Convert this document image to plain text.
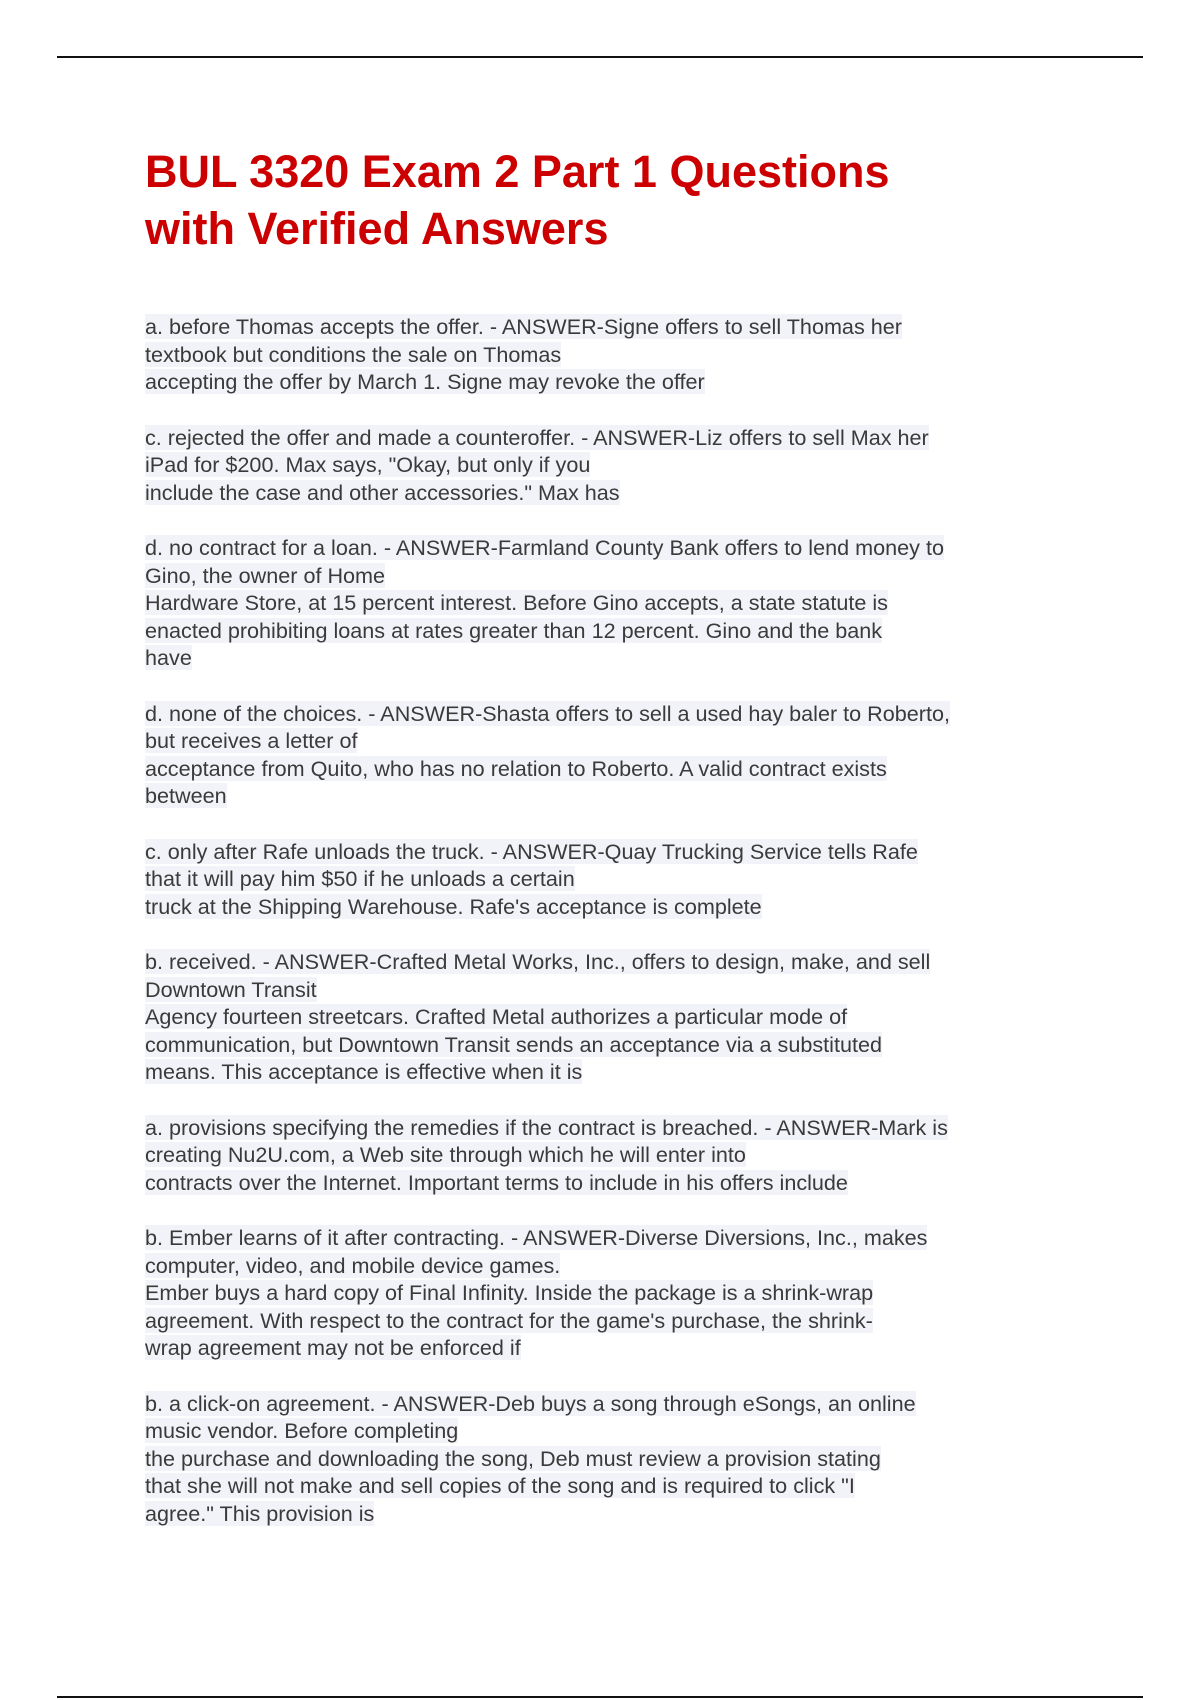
BUL 3320 Exam 2 Part 1 Questions
with Verified Answers

a. before Thomas accepts the offer. - ANSWER-Signe offers to sell Thomas her
textbook but conditions the sale on Thomas
accepting the offer by March 1. Signe may revoke the offer

c. rejected the offer and made a counteroffer. - ANSWER-Liz offers to sell Max her
iPad for $200. Max says, "Okay, but only if you
include the case and other accessories." Max has

d. no contract for a loan. - ANSWER-Farmland County Bank offers to lend money to
Gino, the owner of Home
Hardware Store, at 15 percent interest. Before Gino accepts, a state statute is
enacted prohibiting loans at rates greater than 12 percent. Gino and the bank
have

d. none of the choices. - ANSWER-Shasta offers to sell a used hay baler to Roberto,
but receives a letter of
acceptance from Quito, who has no relation to Roberto. A valid contract exists
between

c. only after Rafe unloads the truck. - ANSWER-Quay Trucking Service tells Rafe
that it will pay him $50 if he unloads a certain
truck at the Shipping Warehouse. Rafe's acceptance is complete

b. received. - ANSWER-Crafted Metal Works, Inc., offers to design, make, and sell
Downtown Transit
Agency fourteen streetcars. Crafted Metal authorizes a particular mode of
communication, but Downtown Transit sends an acceptance via a substituted
means. This acceptance is effective when it is

a. provisions specifying the remedies if the contract is breached. - ANSWER-Mark is
creating Nu2U.com, a Web site through which he will enter into
contracts over the Internet. Important terms to include in his offers include

b. Ember learns of it after contracting. - ANSWER-Diverse Diversions, Inc., makes
computer, video, and mobile device games.
Ember buys a hard copy of Final Infinity. Inside the package is a shrink-wrap
agreement. With respect to the contract for the game's purchase, the shrink-
wrap agreement may not be enforced if

b. a click-on agreement. - ANSWER-Deb buys a song through eSongs, an online
music vendor. Before completing
the purchase and downloading the song, Deb must review a provision stating
that she will not make and sell copies of the song and is required to click "I
agree." This provision is
